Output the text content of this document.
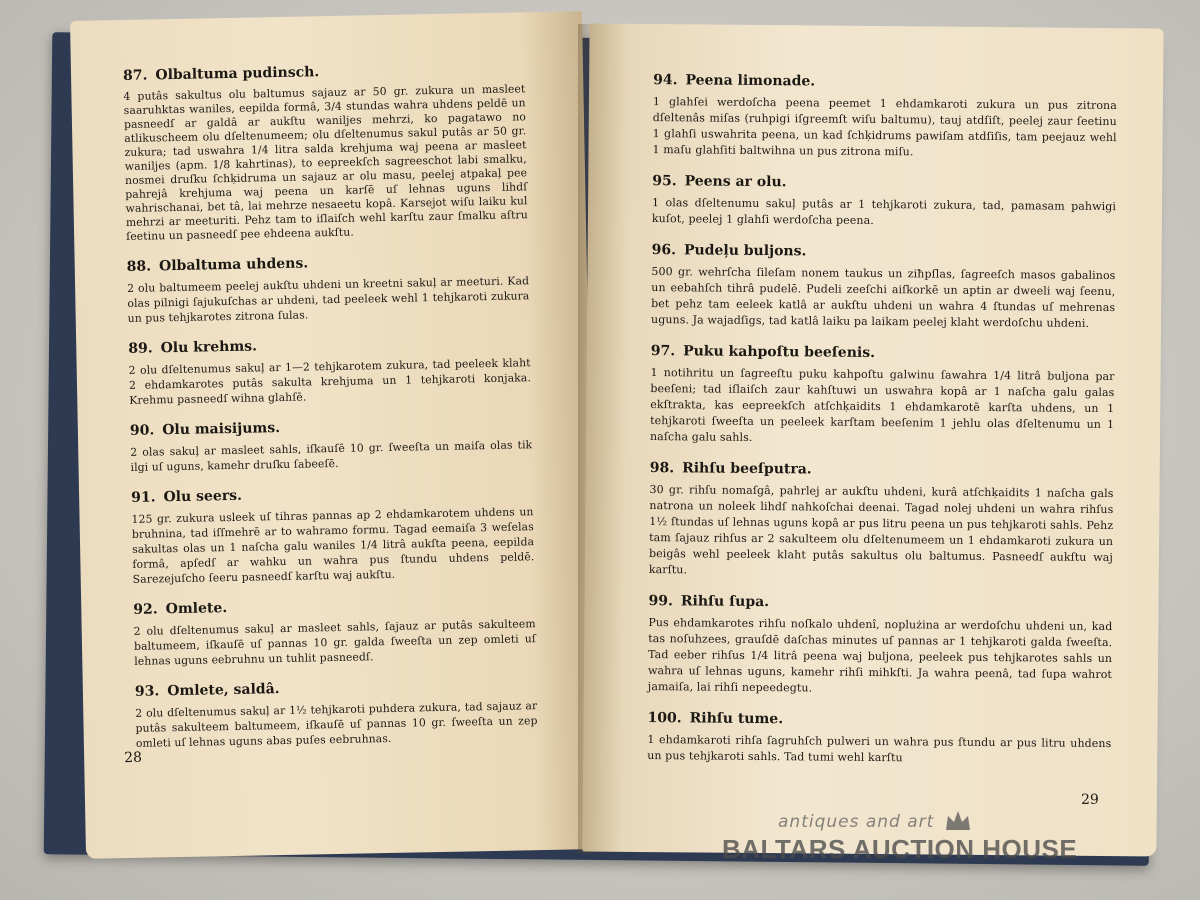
87. Olbaltuma pudinsch.
4 putâs sakultus olu baltumus sajauz ar 50 gr. zukura un masleet saaruhktas waniles, eepilda formâ, 3/4 stundas wahra uhdens peldē un pasneedſ ar galdâ ar aukſtu waniljes mehrzi, ko pagatawo no atlikuscheem olu dſeltenumeem; olu dſeltenumus sakul putâs ar 50 gr. zukura; tad uswahra 1/4 litra salda krehjuma waj peena ar masleet waniljes (apm. 1/8 kahrtinas), to eepreekſch sagreeschot labi smalku, nosmei druſku ſchķidruma un sajauz ar olu masu, peelej atpakaļ pee pahrejâ krehjuma waj peena un karſē uſ lehnas uguns lihdſ wahrischanai, bet tâ, lai mehrze nesaeetu kopâ. Karsejot wiſu laiku kul mehrzi ar meeturiti. Pehz tam to iſlaiſch wehl karſtu zaur ſmalku aſtru ſeetinu un pasneedſ pee ehdeena aukſtu.
88. Olbaltuma uhdens.
2 olu baltumeem peelej aukſtu uhdeni un kreetni sakuļ ar meeturi. Kad olas pilnigi ſajukuſchas ar uhdeni, tad peeleek wehl 1 tehjkaroti zukura un pus tehjkarotes zitrona ſulas.
89. Olu krehms.
2 olu dſeltenumus sakuļ ar 1—2 tehjkarotem zukura, tad peeleek klaht 2 ehdamkarotes putâs sakulta krehjuma un 1 tehjkaroti konjaka. Krehmu pasneedſ wihna glahſē.
90. Olu maisijums.
2 olas sakuļ ar masleet sahls, iſkauſē 10 gr. ſweeſta un maiſa olas tik ilgi uſ uguns, kamehr druſku ſabeeſē.
91. Olu seers.
125 gr. zukura usleek uſ tihras pannas ap 2 ehdamkarotem uhdens un bruhnina, tad iſſmehrē ar to wahramo formu. Tagad eemaiſa 3 weſelas sakultas olas un 1 naſcha galu waniles 1/4 litrâ aukſta peena, eepilda formâ, apſedſ ar wahku un wahra pus ſtundu uhdens peldē. Sarezejuſcho ſeeru pasneedſ karſtu waj aukſtu.
92. Omlete.
2 olu dſeltenumus sakuļ ar masleet sahls, ſajauz ar putâs sakulteem baltumeem, iſkauſē uſ pannas 10 gr. galda ſweeſta un zep omleti uſ lehnas uguns eebruhnu un tuhlit pasneedſ.
93. Omlete, saldâ.
2 olu dſeltenumus sakuļ ar 1½ tehjkaroti puhdera zukura, tad sajauz ar putâs sakulteem baltumeem, iſkauſē uſ pannas 10 gr. ſweeſta un zep omleti uſ lehnas uguns abas puſes eebruhnas.
28
94. Peena limonade.
1 glahſei werdoſcha peena peemet 1 ehdamkaroti zukura un pus zitrona dſeltenâs miſas (ruhpigi iſgreemſt wiſu baltumu), tauj atdſiſt, peelej zaur ſeetinu 1 glahſi uswahrita peena, un kad ſchķidrums pawiſam atdſiſis, tam peejauz wehl 1 maſu glahſiti baltwihna un pus zitrona miſu.
95. Peens ar olu.
1 olas dſeltenumu sakuļ putâs ar 1 tehjkaroti zukura, tad, pamasam pahwigi kuſot, peelej 1 glahſi werdoſcha peena.
96. Pudeļu buljons.
500 gr. wehrſcha ſileſam nonem taukus un ziħpſlas, ſagreeſch masos gabalinos un eebahſch tihrâ pudelē. Pudeli zeeſchi aiſkorkē un aptin ar dweeli waj ſeenu, bet pehz tam eeleek katlâ ar aukſtu uhdeni un wahra 4 ſtundas uſ mehrenas uguns. Ja wajadſigs, tad katlâ laiku pa laikam peelej klaht werdoſchu uhdeni.
97. Puku kahpoſtu beeſenis.
1 notihritu un ſagreeſtu puku kahpoſtu galwinu ſawahra 1/4 litrâ buljona par beeſeni; tad iſlaiſch zaur kahſtuwi un uswahra kopâ ar 1 naſcha galu galas ekſtrakta, kas eepreekſch atſchķaidits 1 ehdamkarotē karſta uhdens, un 1 tehjkaroti ſweeſta un peeleek karſtam beeſenim 1 jehlu olas dſeltenumu un 1 naſcha galu sahls.
98. Rihſu beeſputra.
30 gr. rihſu nomaſgâ, pahrlej ar aukſtu uhdeni, kurâ atſchķaidits 1 naſcha gals natrona un noleek lihdſ nahkoſchai deenai. Tagad nolej uhdeni un wahra rihſus 1½ ſtundas uſ lehnas uguns kopâ ar pus litru peena un pus tehjkaroti sahls. Pehz tam ſajauz rihſus ar 2 sakulteem olu dſeltenumeem un 1 ehdamkaroti zukura un beigâs wehl peeleek klaht putâs sakultus olu baltumus. Pasneedſ aukſtu waj karſtu.
99. Rihſu ſupa.
Pus ehdamkarotes rihſu noſkalo uhdenî, noplużina ar werdoſchu uhdeni un, kad tas noſuhzees, grauſdē daſchas minutes uſ pannas ar 1 tehjkaroti galda ſweeſta. Tad eeber rihſus 1/4 litrâ peena waj buljona, peeleek pus tehjkarotes sahls un wahra uſ lehnas uguns, kamehr rihſi mihkſti. Ja wahra peenâ, tad ſupa wahrot jamaiſa, lai rihſi nepeedegtu.
100. Rihſu tume.
1 ehdamkaroti rihſa ſagruhſch pulweri un wahra pus ſtundu ar pus litru uhdens un pus tehjkaroti sahls. Tad tumi wehl karſtu
29
antiques and art
BALTARS AUCTION HOUSE
